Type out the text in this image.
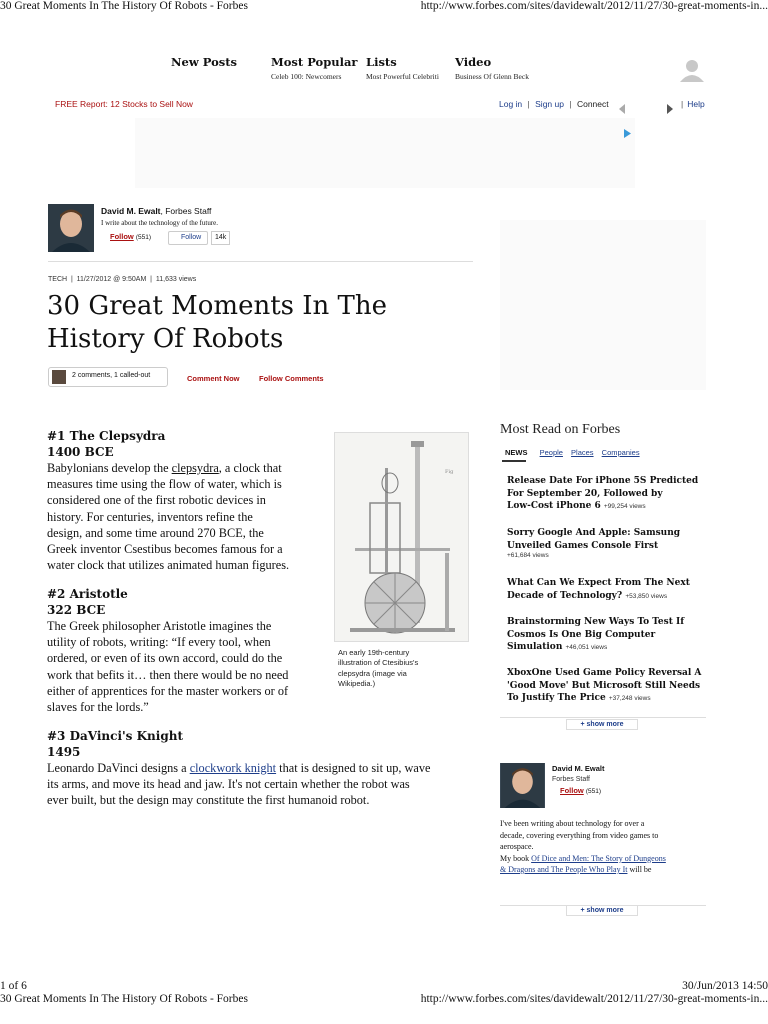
30 Great Moments In The History Of Robots - Forbes	http://www.forbes.com/sites/davidewalt/2012/11/27/30-great-moments-in...
New Posts	Most Popular
Celeb 100: Newcomers
Lists
Most Powerful Celebriti
Video
Business Of Glenn Beck
FREE Report: 12 Stocks to Sell Now	Log in | Sign up | Connect	| Help
David M. Ewalt, Forbes Staff
I write about the technology of the future.
Follow (551)	Follow	14k
TECH  |  11/27/2012 @ 9:50AM  |  11,633 views
30 Great Moments In The
History Of Robots
2 comments, 1 called-out	Comment Now	Follow Comments
Fig
An early 19th-century
illustration of Ctesibius's
clepsydra (image via
Wikipedia.)
#1 The Clepsydra
1400 BCE
Babylonians develop the clepsydra, a clock that
measures time using the flow of water, which is
considered one of the first robotic devices in
history. For centuries, inventors refine the
design, and some time around 270 BCE, the
Greek inventor Csestibus becomes famous for a
water clock that utilizes animated human figures.
#2 Aristotle
322 BCE
The Greek philosopher Aristotle imagines the
utility of robots, writing: “If every tool, when
ordered, or even of its own accord, could do the
work that befits it… then there would be no need
either of apprentices for the master workers or of
slaves for the lords.”
#3 DaVinci's Knight
1495
Leonardo DaVinci designs a clockwork knight that is designed to sit up, wave
its arms, and move its head and jaw. It's not certain whether the robot was
ever built, but the design may constitute the first humanoid robot.
Most Read on Forbes
NEWS People Places Companies
Release Date For iPhone 5S Predicted
For September 20, Followed by
Low-Cost iPhone 6 +99,254 views
Sorry Google And Apple: Samsung
Unveiled Games Console First
+61,684 views
What Can We Expect From The Next
Decade of Technology? +53,850 views
Brainstorming New Ways To Test If
Cosmos Is One Big Computer
Simulation +46,051 views
XboxOne Used Game Policy Reversal A
'Good Move' But Microsoft Still Needs
To Justify The Price +37,248 views
+ show more
David M. Ewalt
Forbes Staff
Follow (551)
I've been writing about technology for over a
decade, covering everything from video games to
aerospace.
My book Of Dice and Men: The Story of Dungeons
& Dragons and The People Who Play It will be
+ show more
1 of 6	30/Jun/2013 14:50
30 Great Moments In The History Of Robots - Forbes	http://www.forbes.com/sites/davidewalt/2012/11/27/30-great-moments-in...
